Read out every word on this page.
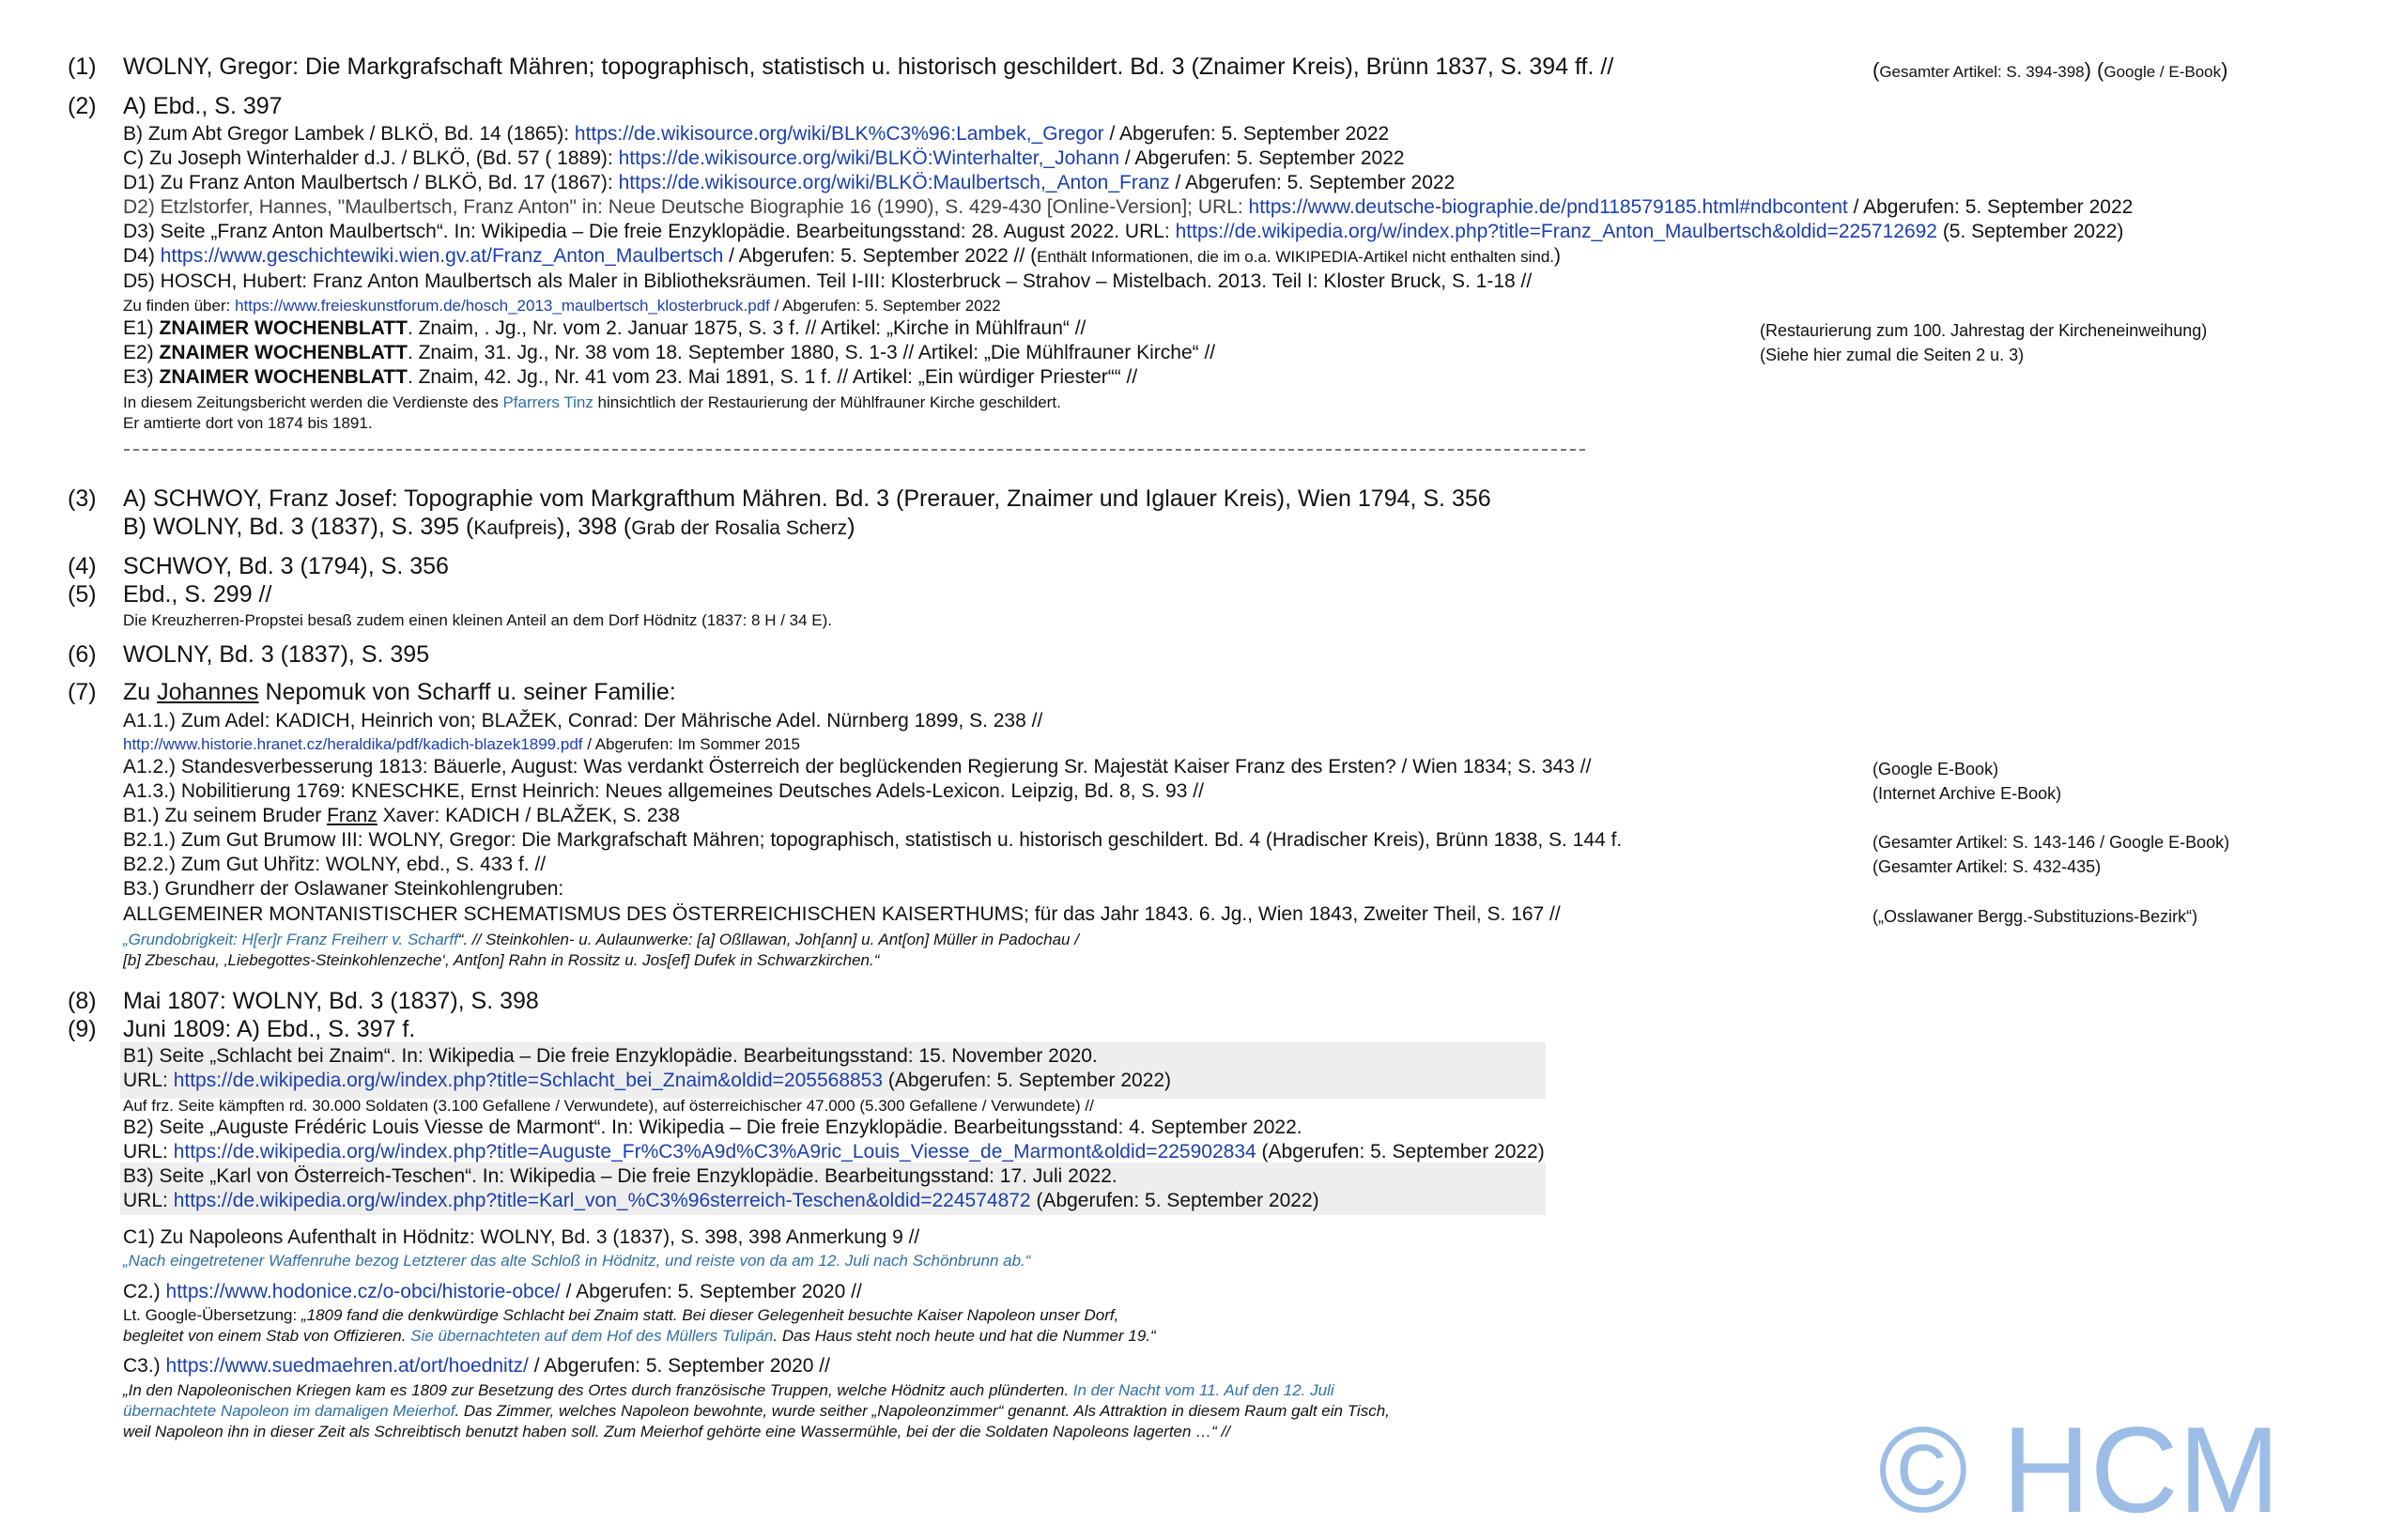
(1) WOLNY, Gregor: Die Markgrafschaft Mähren; topographisch, statistisch u. historisch geschildert. Bd. 3 (Znaimer Kreis), Brünn 1837, S. 394 ff. //	(Gesamter Artikel: S. 394-398) (Google / E-Book)
(2) A) Ebd., S. 397
B) Zum Abt Gregor Lambek / BLKÖ, Bd. 14 (1865): https://de.wikisource.org/wiki/BLK%C3%96:Lambek,_Gregor / Abgerufen: 5. September 2022
C) Zu Joseph Winterhalder d.J. / BLKÖ, (Bd. 57 ( 1889): https://de.wikisource.org/wiki/BLKÖ:Winterhalter,_Johann / Abgerufen: 5. September 2022
D1) Zu Franz Anton Maulbertsch / BLKÖ, Bd. 17 (1867): https://de.wikisource.org/wiki/BLKÖ:Maulbertsch,_Anton_Franz / Abgerufen: 5. September 2022
D2) Etzlstorfer, Hannes, "Maulbertsch, Franz Anton" in: Neue Deutsche Biographie 16 (1990), S. 429-430 [Online-Version]; URL: https://www.deutsche-biographie.de/pnd118579185.html#ndbcontent / Abgerufen: 5. September 2022
D3) Seite „Franz Anton Maulbertsch“. In: Wikipedia – Die freie Enzyklopädie. Bearbeitungsstand: 28. August 2022. URL: https://de.wikipedia.org/w/index.php?title=Franz_Anton_Maulbertsch&oldid=225712692 (5. September 2022)
D4) https://www.geschichtewiki.wien.gv.at/Franz_Anton_Maulbertsch / Abgerufen: 5. September 2022 // (Enthält Informationen, die im o.a. WIKIPEDIA-Artikel nicht enthalten sind.)
D5) HOSCH, Hubert: Franz Anton Maulbertsch als Maler in Bibliotheksräumen. Teil I-III: Klosterbruck – Strahov – Mistelbach. 2013. Teil I: Kloster Bruck, S. 1-18 //
Zu finden über: https://www.freieskunstforum.de/hosch_2013_maulbertsch_klosterbruck.pdf / Abgerufen: 5. September 2022
E1) ZNAIMER WOCHENBLATT. Znaim, . Jg., Nr. vom 2. Januar 1875, S. 3 f. // Artikel: „Kirche in Mühlfraun“ //	(Restaurierung zum 100. Jahrestag der Kircheneinweihung)
E2) ZNAIMER WOCHENBLATT. Znaim, 31. Jg., Nr. 38 vom 18. September 1880, S. 1-3 // Artikel: „Die Mühlfrauner Kirche“ //	(Siehe hier zumal die Seiten 2 u. 3)
E3) ZNAIMER WOCHENBLATT. Znaim, 42. Jg., Nr. 41 vom 23. Mai 1891, S. 1 f. // Artikel: „Ein würdiger Priester““ //
In diesem Zeitungsbericht werden die Verdienste des Pfarrers Tinz hinsichtlich der Restaurierung der Mühlfrauner Kirche geschildert.
Er amtierte dort von 1874 bis 1891.
(3) A) SCHWOY, Franz Josef: Topographie vom Markgrafthum Mähren. Bd. 3 (Prerauer, Znaimer und Iglauer Kreis), Wien 1794, S. 356
B) WOLNY, Bd. 3 (1837), S. 395 (Kaufpreis), 398 (Grab der Rosalia Scherz)
(4) SCHWOY, Bd. 3 (1794), S. 356
(5) Ebd., S. 299 //
Die Kreuzherren-Propstei besaß zudem einen kleinen Anteil an dem Dorf Hödnitz (1837: 8 H / 34 E).
(6) WOLNY, Bd. 3 (1837), S. 395
(7) Zu Johannes Nepomuk von Scharff u. seiner Familie:
A1.1.) Zum Adel: KADICH, Heinrich von; BLAŽEK, Conrad: Der Mährische Adel. Nürnberg 1899, S. 238 //
http://www.historie.hranet.cz/heraldika/pdf/kadich-blazek1899.pdf / Abgerufen: Im Sommer 2015
A1.2.) Standesverbesserung 1813: Bäuerle, August: Was verdankt Österreich der beglückenden Regierung Sr. Majestät Kaiser Franz des Ersten? / Wien 1834; S. 343 //	(Google E-Book)
A1.3.) Nobilitierung 1769: KNESCHKE, Ernst Heinrich: Neues allgemeines Deutsches Adels-Lexicon. Leipzig, Bd. 8, S. 93 //	(Internet Archive E-Book)
B1.) Zu seinem Bruder Franz Xaver: KADICH / BLAŽEK, S. 238
B2.1.) Zum Gut Brumow III: WOLNY, Gregor: Die Markgrafschaft Mähren; topographisch, statistisch u. historisch geschildert. Bd. 4 (Hradischer Kreis), Brünn 1838, S. 144 f.	(Gesamter Artikel: S. 143-146 / Google E-Book)
B2.2.) Zum Gut Uhřitz: WOLNY, ebd., S. 433 f. //	(Gesamter Artikel: S. 432-435)
B3.) Grundherr der Oslawaner Steinkohlengruben:
ALLGEMEINER MONTANISTISCHER SCHEMATISMUS DES ÖSTERREICHISCHEN KAISERTHUMS; für das Jahr 1843. 6. Jg., Wien 1843, Zweiter Theil, S. 167 //	(„Osslawaner Bergg.-Substituzions-Bezirk“)
„Grundobrigkeit: H[er]r Franz Freiherr v. Scharff“. // Steinkohlen- u. Aulaunwerke: [a] Oßllawan, Joh[ann] u. Ant[on] Müller in Padochau /
[b] Zbeschau, ‚Liebegottes-Steinkohlenzeche‘, Ant[on] Rahn in Rossitz u. Jos[ef] Dufek in Schwarzkirchen.“
(8) Mai 1807: WOLNY, Bd. 3 (1837), S. 398
(9) Juni 1809: A) Ebd., S. 397 f.
B1) Seite „Schlacht bei Znaim“. In: Wikipedia – Die freie Enzyklopädie. Bearbeitungsstand: 15. November 2020.
URL: https://de.wikipedia.org/w/index.php?title=Schlacht_bei_Znaim&oldid=205568853 (Abgerufen: 5. September 2022)
Auf frz. Seite kämpften rd. 30.000 Soldaten (3.100 Gefallene / Verwundete), auf österreichischer 47.000 (5.300 Gefallene / Verwundete) //
B2) Seite „Auguste Frédéric Louis Viesse de Marmont“. In: Wikipedia – Die freie Enzyklopädie. Bearbeitungsstand: 4. September 2022.
URL: https://de.wikipedia.org/w/index.php?title=Auguste_Fr%C3%A9d%C3%A9ric_Louis_Viesse_de_Marmont&oldid=225902834 (Abgerufen: 5. September 2022)
B3) Seite „Karl von Österreich-Teschen“. In: Wikipedia – Die freie Enzyklopädie. Bearbeitungsstand: 17. Juli 2022.
URL: https://de.wikipedia.org/w/index.php?title=Karl_von_%C3%96sterreich-Teschen&oldid=224574872 (Abgerufen: 5. September 2022)
C1) Zu Napoleons Aufenthalt in Hödnitz: WOLNY, Bd. 3 (1837), S. 398, 398 Anmerkung 9 //
„Nach eingetretener Waffenruhe bezog Letzterer das alte Schloß in Hödnitz, und reiste von da am 12. Juli nach Schönbrunn ab.“
C2.) https://www.hodonice.cz/o-obci/historie-obce/ / Abgerufen: 5. September 2020 //
Lt. Google-Übersetzung: „1809 fand die denkwürdige Schlacht bei Znaim statt. Bei dieser Gelegenheit besuchte Kaiser Napoleon unser Dorf,
begleitet von einem Stab von Offizieren. Sie übernachteten auf dem Hof des Müllers Tulipán. Das Haus steht noch heute und hat die Nummer 19.“
C3.) https://www.suedmaehren.at/ort/hoednitz/ / Abgerufen: 5. September 2020 //
„In den Napoleonischen Kriegen kam es 1809 zur Besetzung des Ortes durch französische Truppen, welche Hödnitz auch plünderten. In der Nacht vom 11. Auf den 12. Juli
übernachtete Napoleon im damaligen Meierhof. Das Zimmer, welches Napoleon bewohnte, wurde seither „Napoleonzimmer“ genannt. Als Attraktion in diesem Raum galt ein Tisch,
weil Napoleon ihn in dieser Zeit als Schreibtisch benutzt haben soll. Zum Meierhof gehörte eine Wassermühle, bei der die Soldaten Napoleons lagerten …“ //	© HCM
